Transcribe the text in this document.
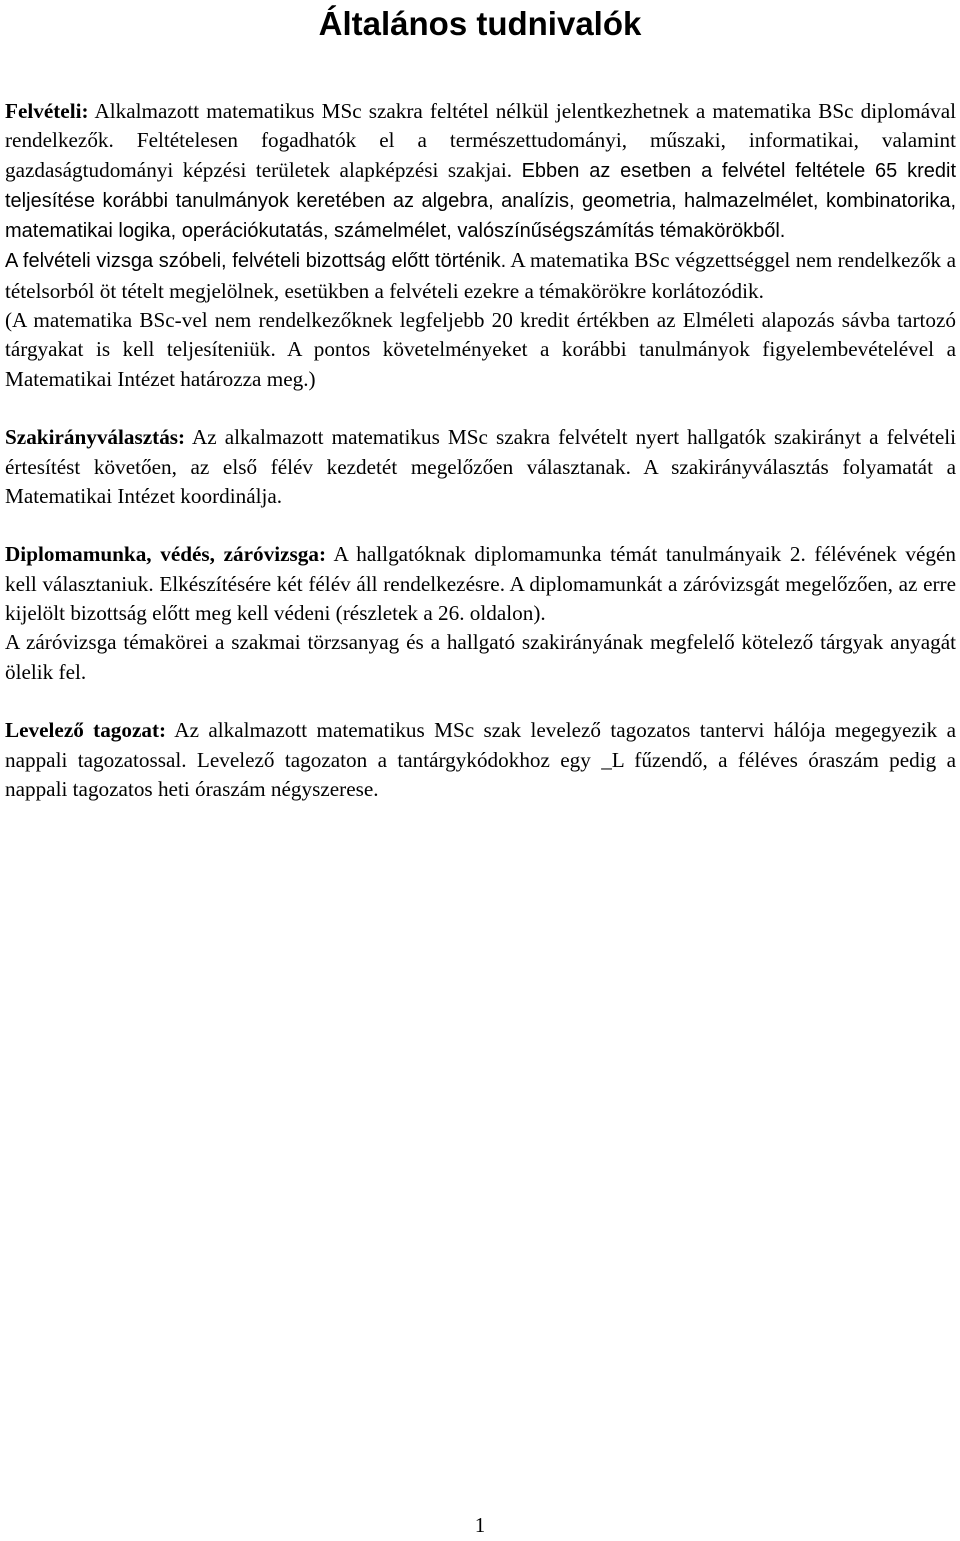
Általános tudnivalók

Felvételi: Alkalmazott matematikus MSc szakra feltétel nélkül jelentkezhetnek a matematika BSc diplomával rendelkezők. Feltételesen fogadhatók el a természettudományi, műszaki, informatikai, valamint gazdaságtudományi képzési területek alapképzési szakjai. Ebben az esetben a felvétel feltétele 65 kredit teljesítése korábbi tanulmányok keretében az algebra, analízis, geometria, halmazelmélet, kombinatorika, matematikai logika, operációkutatás, számelmélet, valószínűségszámítás témakörökből.

A felvételi vizsga szóbeli, felvételi bizottság előtt történik. A matematika BSc végzettséggel nem rendelkezők a tételsorból öt tételt megjelölnek, esetükben a felvételi ezekre a témakörökre korlátozódik.

(A matematika BSc-vel nem rendelkezőknek legfeljebb 20 kredit értékben az Elméleti alapozás sávba tartozó tárgyakat is kell teljesíteniük. A pontos követelményeket a korábbi tanulmányok figyelembevételével a Matematikai Intézet határozza meg.)

Szakirányválasztás: Az alkalmazott matematikus MSc szakra felvételt nyert hallgatók szakirányt a felvételi értesítést követően, az első félév kezdetét megelőzően választanak. A szakirányválasztás folyamatát a Matematikai Intézet koordinálja.

Diplomamunka, védés, záróvizsga: A hallgatóknak diplomamunka témát tanulmányaik 2. félévének végén kell választaniuk. Elkészítésére két félév áll rendelkezésre. A diplomamunkát a záróvizsgát megelőzően, az erre kijelölt bizottság előtt meg kell védeni (részletek a 26. oldalon).

A záróvizsga témakörei a szakmai törzsanyag és a hallgató szakirányának megfelelő kötelező tárgyak anyagát ölelik fel.

Levelező tagozat: Az alkalmazott matematikus MSc szak levelező tagozatos tantervi hálója megegyezik a nappali tagozatossal. Levelező tagozaton a tantárgykódokhoz egy _L fűzendő, a féléves óraszám pedig a nappali tagozatos heti óraszám négyszerese.

1
